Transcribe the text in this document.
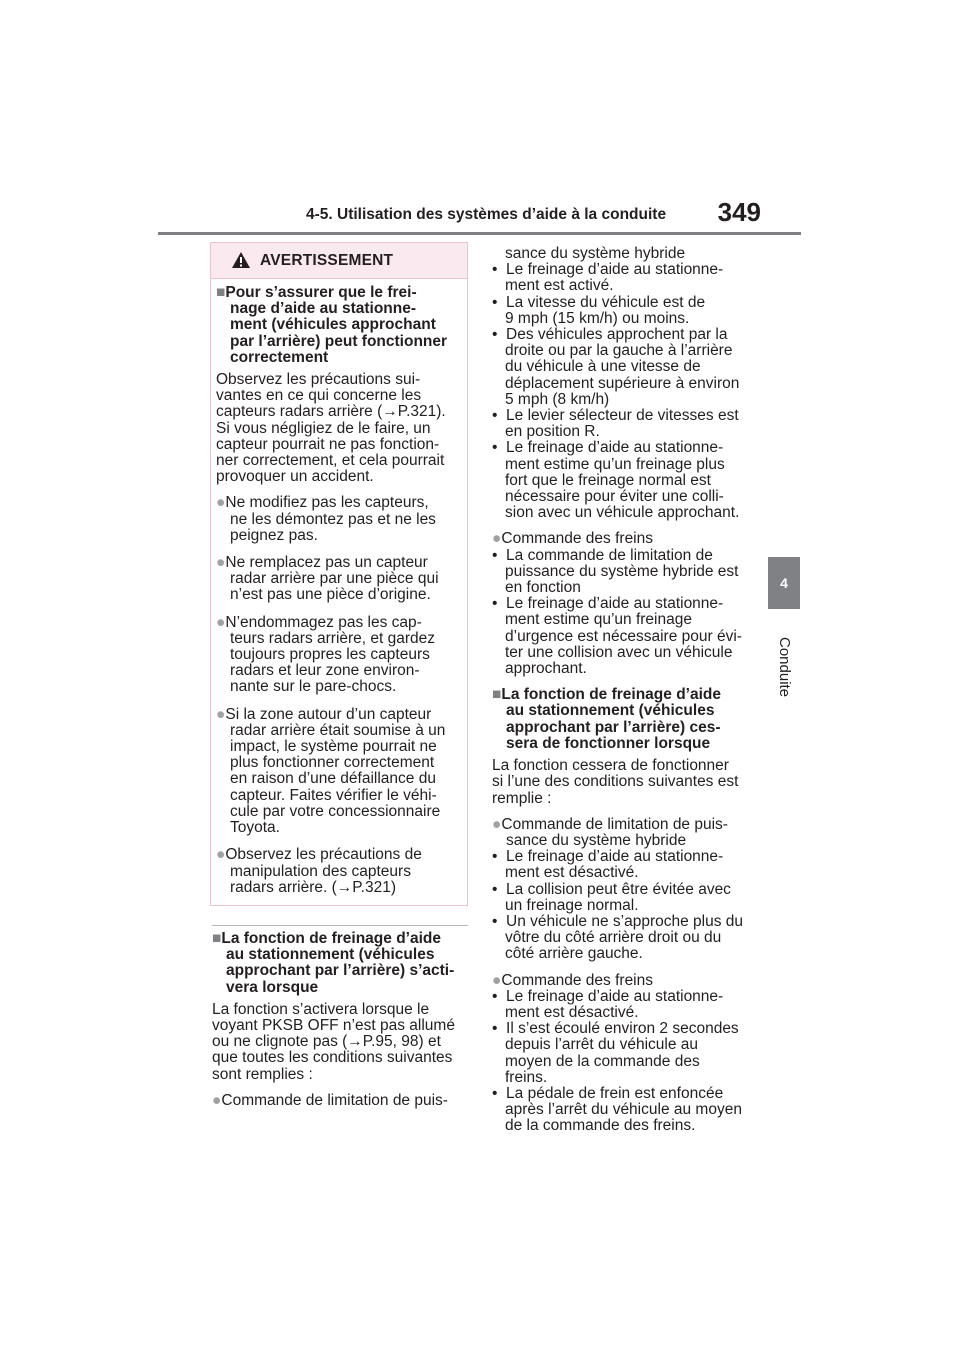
4-5. Utilisation des systèmes d’aide à la conduite 349
4
Conduite
AVERTISSEMENT
■Pour s’assurer que le frei-
nage d’aide au stationne-
ment (véhicules approchant
par l’arrière) peut fonctionner
correctement
Observez les précautions sui-
vantes en ce qui concerne les
capteurs radars arrière (→P.321).
Si vous négligiez de le faire, un
capteur pourrait ne pas fonction-
ner correctement, et cela pourrait
provoquer un accident.
●Ne modifiez pas les capteurs,
ne les démontez pas et ne les
peignez pas.
●Ne remplacez pas un capteur
radar arrière par une pièce qui
n’est pas une pièce d’origine.
●N’endommagez pas les cap-
teurs radars arrière, et gardez
toujours propres les capteurs
radars et leur zone environ-
nante sur le pare-chocs.
●Si la zone autour d’un capteur
radar arrière était soumise à un
impact, le système pourrait ne
plus fonctionner correctement
en raison d’une défaillance du
capteur. Faites vérifier le véhi-
cule par votre concessionnaire
Toyota.
●Observez les précautions de
manipulation des capteurs
radars arrière. (→P.321)
■La fonction de freinage d’aide
au stationnement (véhicules
approchant par l’arrière) s’acti-
vera lorsque
La fonction s’activera lorsque le
voyant PKSB OFF n’est pas allumé
ou ne clignote pas (→P.95, 98) et
que toutes les conditions suivantes
sont remplies :
●Commande de limitation de puis-
sance du système hybride
•  Le freinage d’aide au stationne-
ment est activé.
•  La vitesse du véhicule est de
9 mph (15 km/h) ou moins.
•  Des véhicules approchent par la
droite ou par la gauche à l’arrière
du véhicule à une vitesse de
déplacement supérieure à environ
5 mph (8 km/h)
•  Le levier sélecteur de vitesses est
en position R.
•  Le freinage d’aide au stationne-
ment estime qu’un freinage plus
fort que le freinage normal est
nécessaire pour éviter une colli-
sion avec un véhicule approchant.
●Commande des freins
•  La commande de limitation de
puissance du système hybride est
en fonction
•  Le freinage d’aide au stationne-
ment estime qu’un freinage
d’urgence est nécessaire pour évi-
ter une collision avec un véhicule
approchant.
■La fonction de freinage d’aide
au stationnement (véhicules
approchant par l’arrière) ces-
sera de fonctionner lorsque
La fonction cessera de fonctionner
si l’une des conditions suivantes est
remplie :
●Commande de limitation de puis-
sance du système hybride
•  Le freinage d’aide au stationne-
ment est désactivé.
•  La collision peut être évitée avec
un freinage normal.
•  Un véhicule ne s’approche plus du
vôtre du côté arrière droit ou du
côté arrière gauche.
●Commande des freins
•  Le freinage d’aide au stationne-
ment est désactivé.
•  Il s’est écoulé environ 2 secondes
depuis l’arrêt du véhicule au
moyen de la commande des
freins.
•  La pédale de frein est enfoncée
après l’arrêt du véhicule au moyen
de la commande des freins.
